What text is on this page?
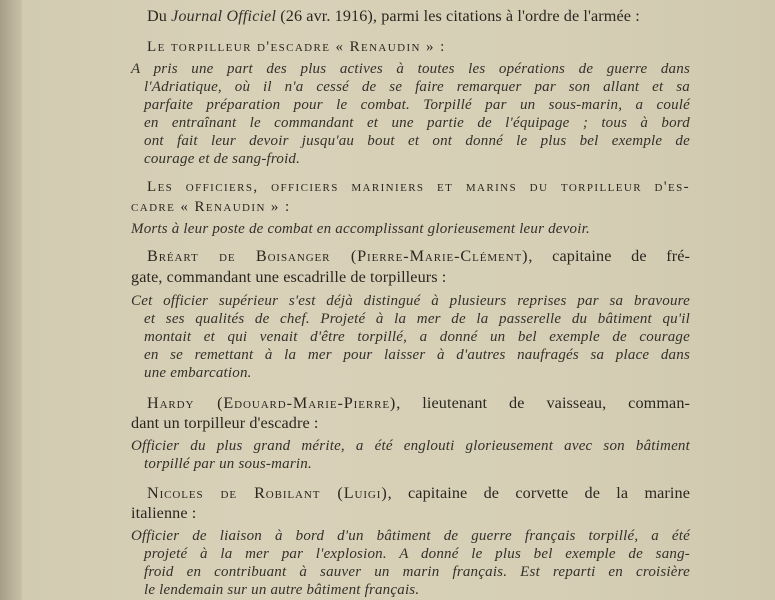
Du Journal Officiel (26 avr. 1916), parmi les citations à l'ordre de l'armée :
Le torpilleur d'escadre « Renaudin » :
A pris une part des plus actives à toutes les opérations de guerre dans
l'Adriatique, où il n'a cessé de se faire remarquer par son allant et sa
parfaite préparation pour le combat. Torpillé par un sous-marin, a coulé
en entraînant le commandant et une partie de l'équipage ; tous à bord
ont fait leur devoir jusqu'au bout et ont donné le plus bel exemple de
courage et de sang-froid.
Les officiers, officiers mariniers et marins du torpilleur d'es-
cadre « Renaudin » :
Morts à leur poste de combat en accomplissant glorieusement leur devoir.
Bréart de Boisanger (Pierre-Marie-Clément), capitaine de fré-
gate, commandant une escadrille de torpilleurs :
Cet officier supérieur s'est déjà distingué à plusieurs reprises par sa bravoure
et ses qualités de chef. Projeté à la mer de la passerelle du bâtiment qu'il
montait et qui venait d'être torpillé, a donné un bel exemple de courage
en se remettant à la mer pour laisser à d'autres naufragés sa place dans
une embarcation.
Hardy (Edouard-Marie-Pierre), lieutenant de vaisseau, comman-
dant un torpilleur d'escadre :
Officier du plus grand mérite, a été englouti glorieusement avec son bâtiment
torpillé par un sous-marin.
Nicoles de Robilant (Luigi), capitaine de corvette de la marine
italienne :
Officier de liaison à bord d'un bâtiment de guerre français torpillé, a été
projeté à la mer par l'explosion. A donné le plus bel exemple de sang-
froid en contribuant à sauver un marin français. Est reparti en croisière
le lendemain sur un autre bâtiment français.
